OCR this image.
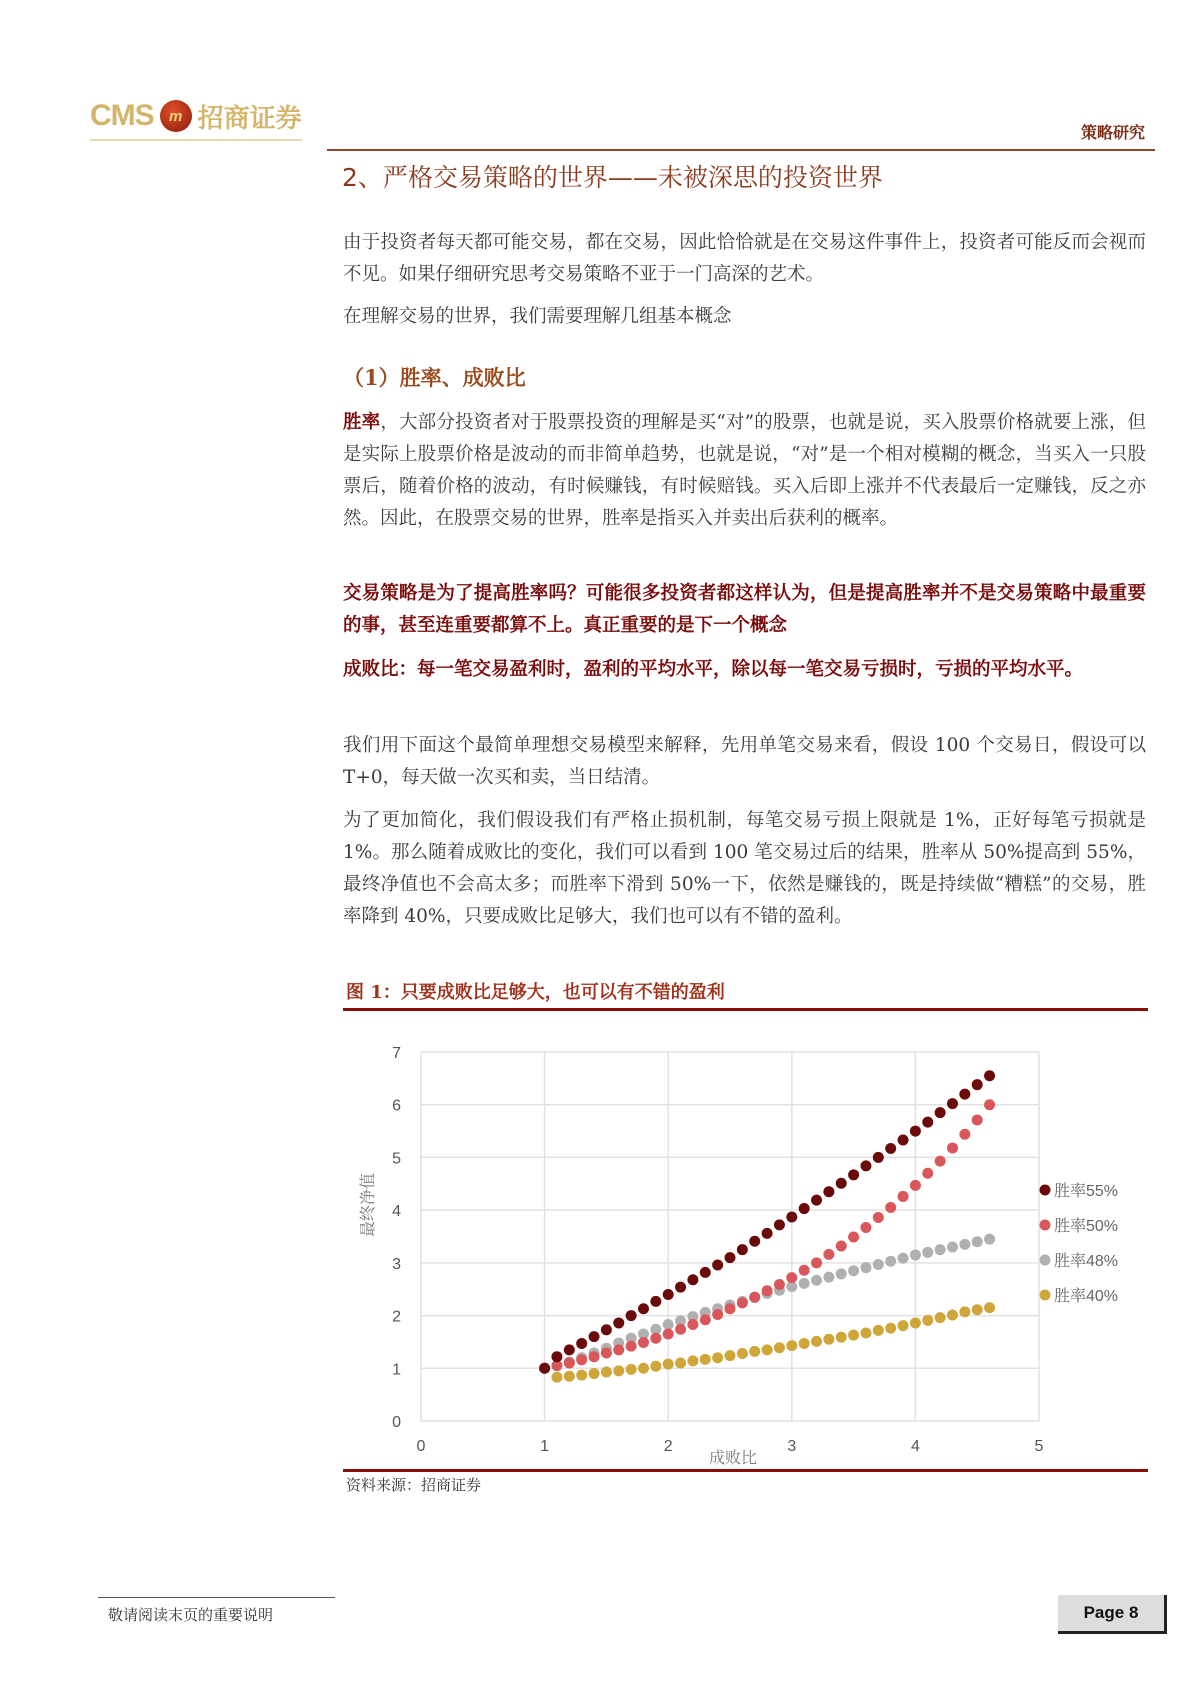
CMS	m 招商证券	策略研究
2、严格交易策略的世界——未被深思的投资世界
由于投资者每天都可能交易，都在交易，因此恰恰就是在交易这件事件上，投资者可能反而会视而不见。如果仔细研究思考交易策略不亚于一门高深的艺术。
在理解交易的世界，我们需要理解几组基本概念
（1）胜率、成败比
胜率，大部分投资者对于股票投资的理解是买“对”的股票，也就是说，买入股票价格就要上涨，但是实际上股票价格是波动的而非简单趋势，也就是说，“对”是一个相对模糊的概念，当买入一只股票后，随着价格的波动，有时候赚钱，有时候赔钱。买入后即上涨并不代表最后一定赚钱，反之亦然。因此，在股票交易的世界，胜率是指买入并卖出后获利的概率。
交易策略是为了提高胜率吗？可能很多投资者都这样认为，但是提高胜率并不是交易策略中最重要的事，甚至连重要都算不上。真正重要的是下一个概念
成败比：每一笔交易盈利时，盈利的平均水平，除以每一笔交易亏损时，亏损的平均水平。
我们用下面这个最简单理想交易模型来解释，先用单笔交易来看，假设 100 个交易日，假设可以 T+0，每天做一次买和卖，当日结清。
为了更加简化，我们假设我们有严格止损机制，每笔交易亏损上限就是 1%，正好每笔亏损就是 1%。那么随着成败比的变化，我们可以看到 100 笔交易过后的结果，胜率从 50%提高到 55%，最终净值也不会高太多；而胜率下滑到 50%一下，依然是赚钱的，既是持续做“糟糕”的交易，胜率降到 40%，只要成败比足够大，我们也可以有不错的盈利。
图 1：只要成败比足够大，也可以有不错的盈利
0
1
2
3
4
5
6
7
0	1	2	3	4	5
成败比
最终净值	胜率55%
胜率50%
胜率48%
胜率40%
资料来源：招商证券
敬请阅读末页的重要说明	Page 8
